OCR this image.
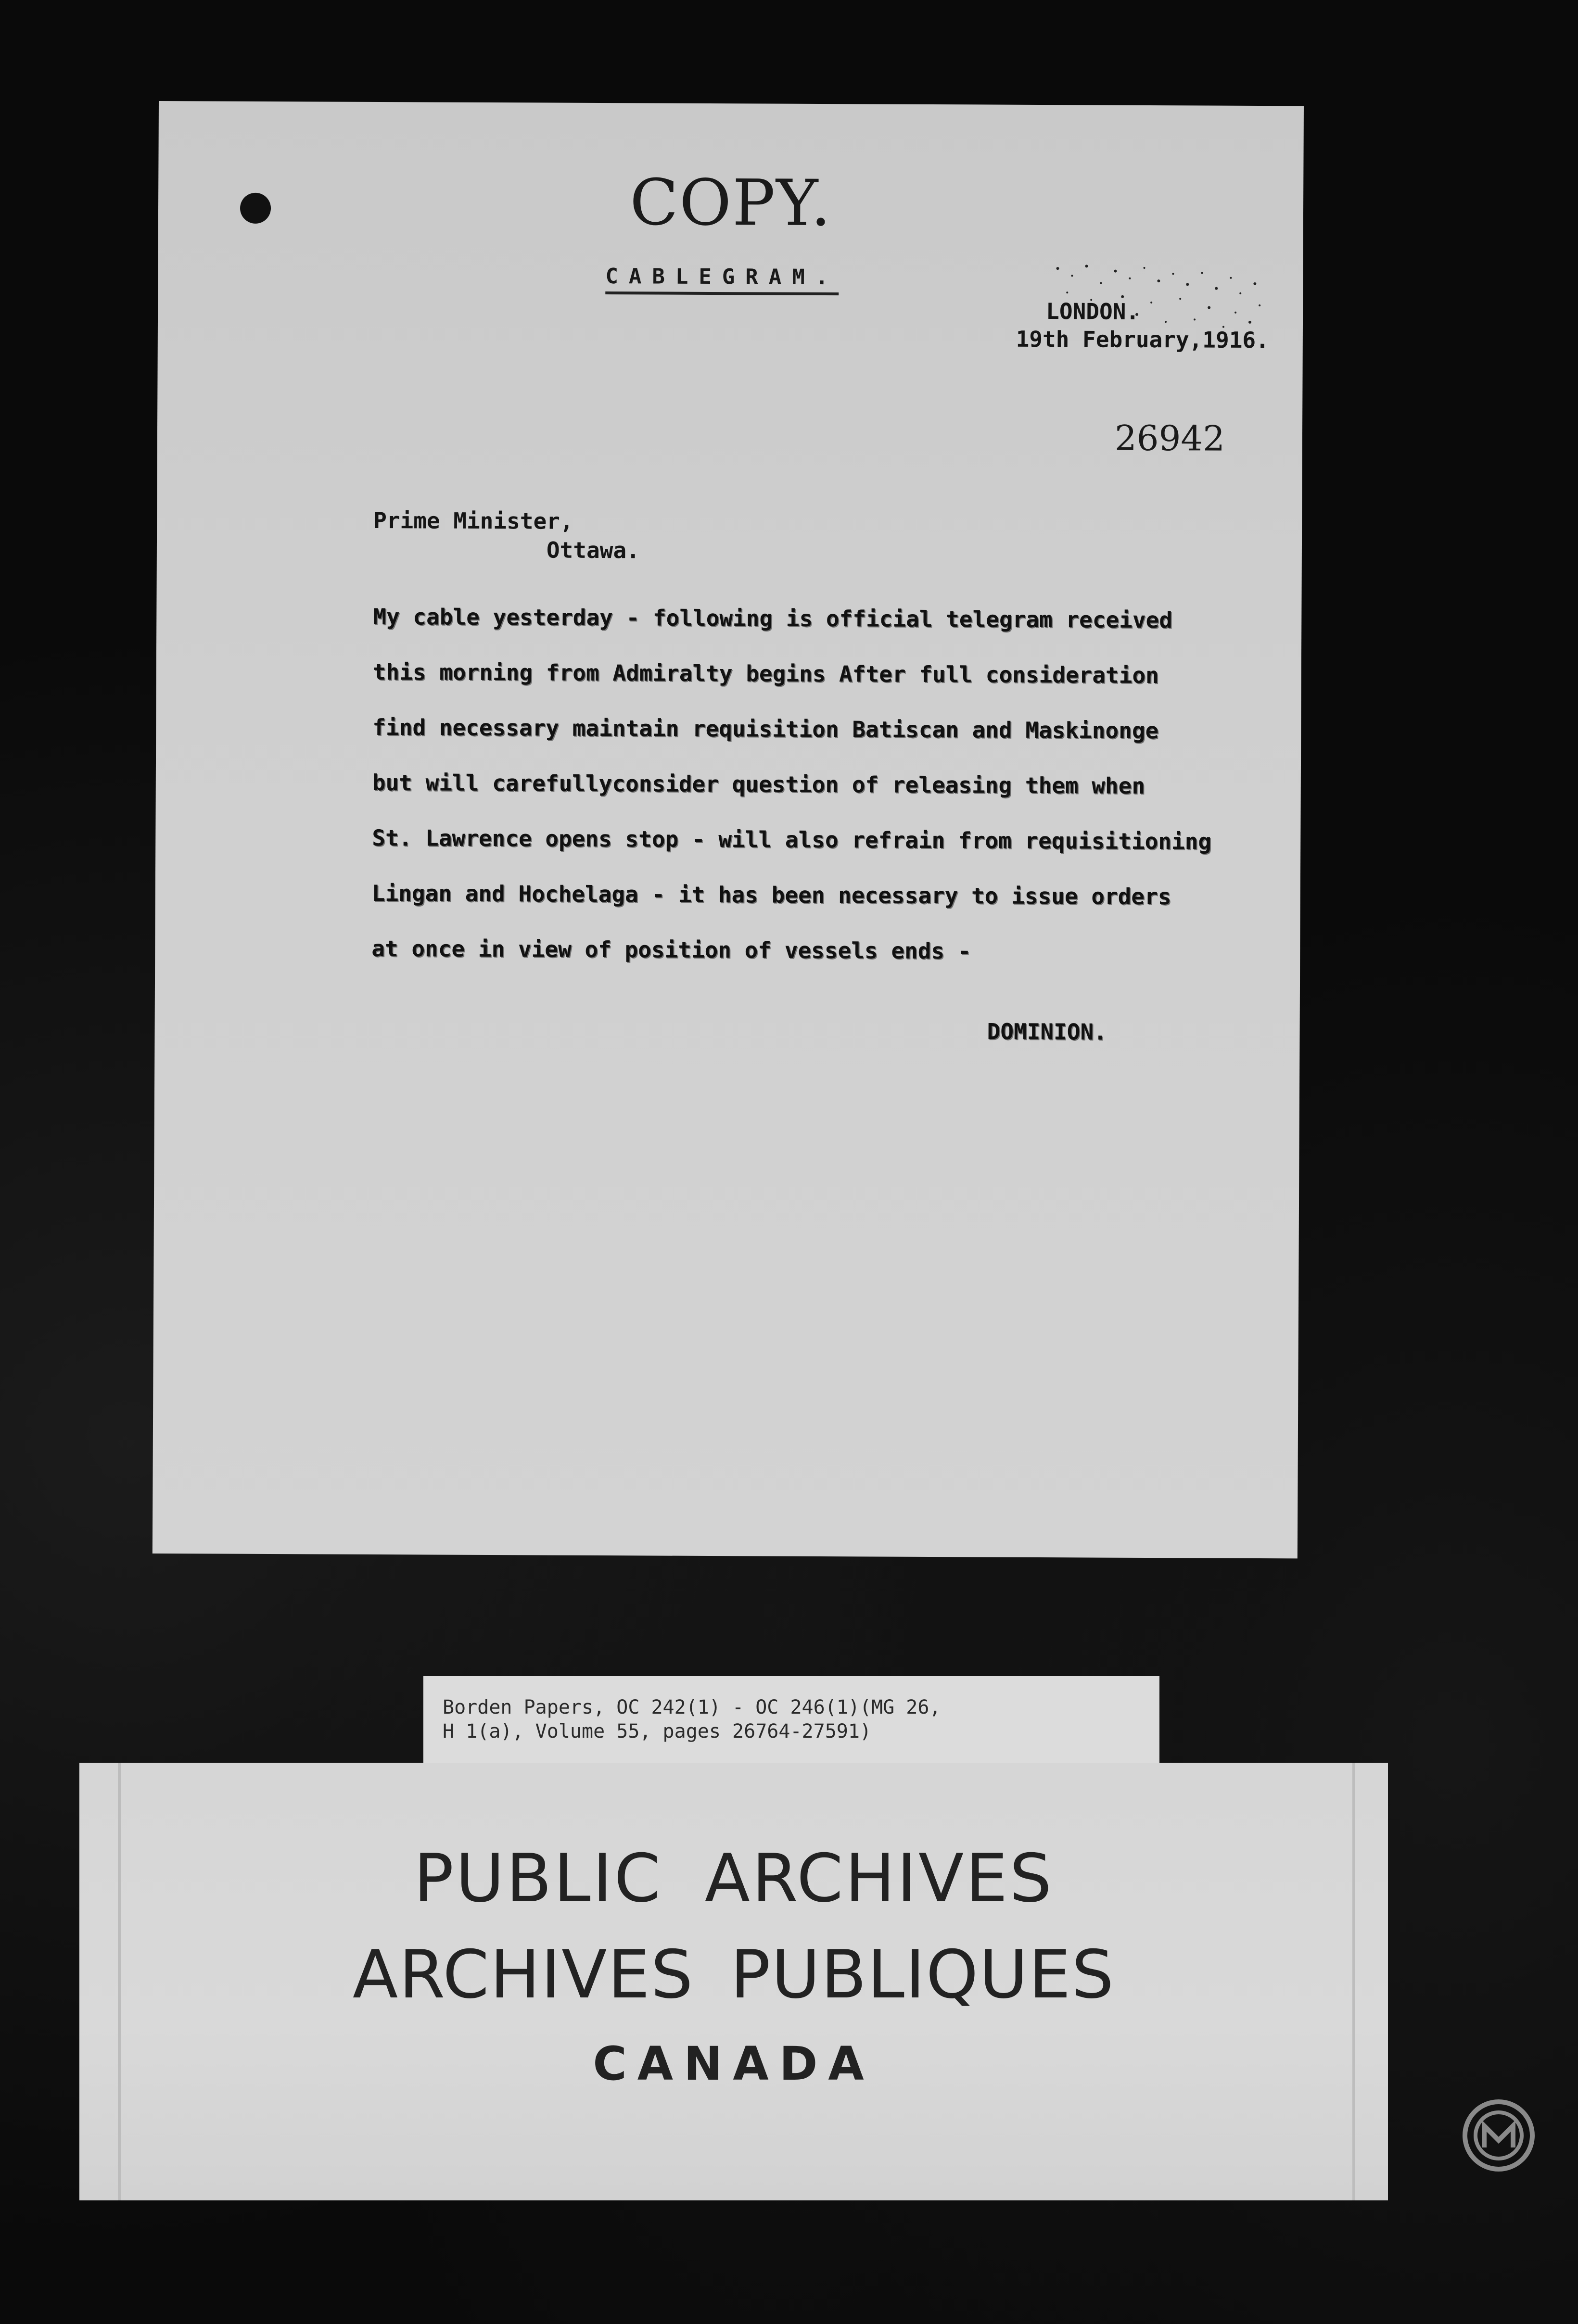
COPY.
CABLEGRAM.
LONDON.
19th February,1916.
26942
Prime Minister,
Ottawa.
My cable yesterday - following is official telegram received
this morning from Admiralty begins After full consideration
find necessary maintain requisition Batiscan and Maskinonge
but will carefullyconsider question of releasing them when
St. Lawrence opens stop - will also refrain from requisitioning
Lingan and Hochelaga - it has been necessary to issue orders
at once in view of position of vessels ends -
DOMINION.
Borden Papers, OC 242(1) - OC 246(1)(MG 26,
H 1(a), Volume 55, pages 26764-27591)
PUBLIC ARCHIVES
ARCHIVES PUBLIQUES
CANADA
